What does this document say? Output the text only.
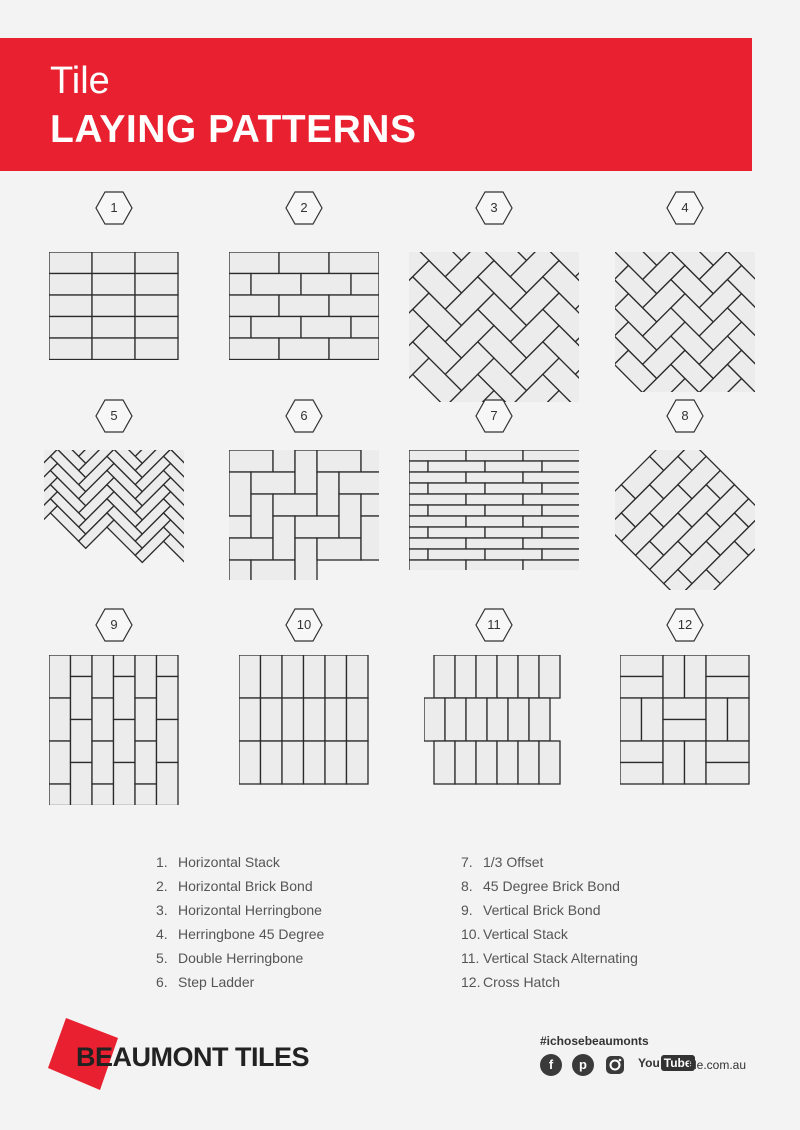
Tile
LAYING PATTERNS
1	2	3	4
5	6	7	8
9	10	11	12
1. Horizontal Stack
2. Horizontal Brick Bond
3. Horizontal Herringbone
4. Herringbone 45 Degree
5. Double Herringbone
6. Step Ladder
7. 1/3 Offset
8. 45 Degree Brick Bond
9. Vertical Brick Bond
10. Vertical Stack
11. Vertical Stack Alternating
12. Cross Hatch
BEAUMONT TILES
#ichosebeaumonts
f	p	You Tube
tile.com.au
